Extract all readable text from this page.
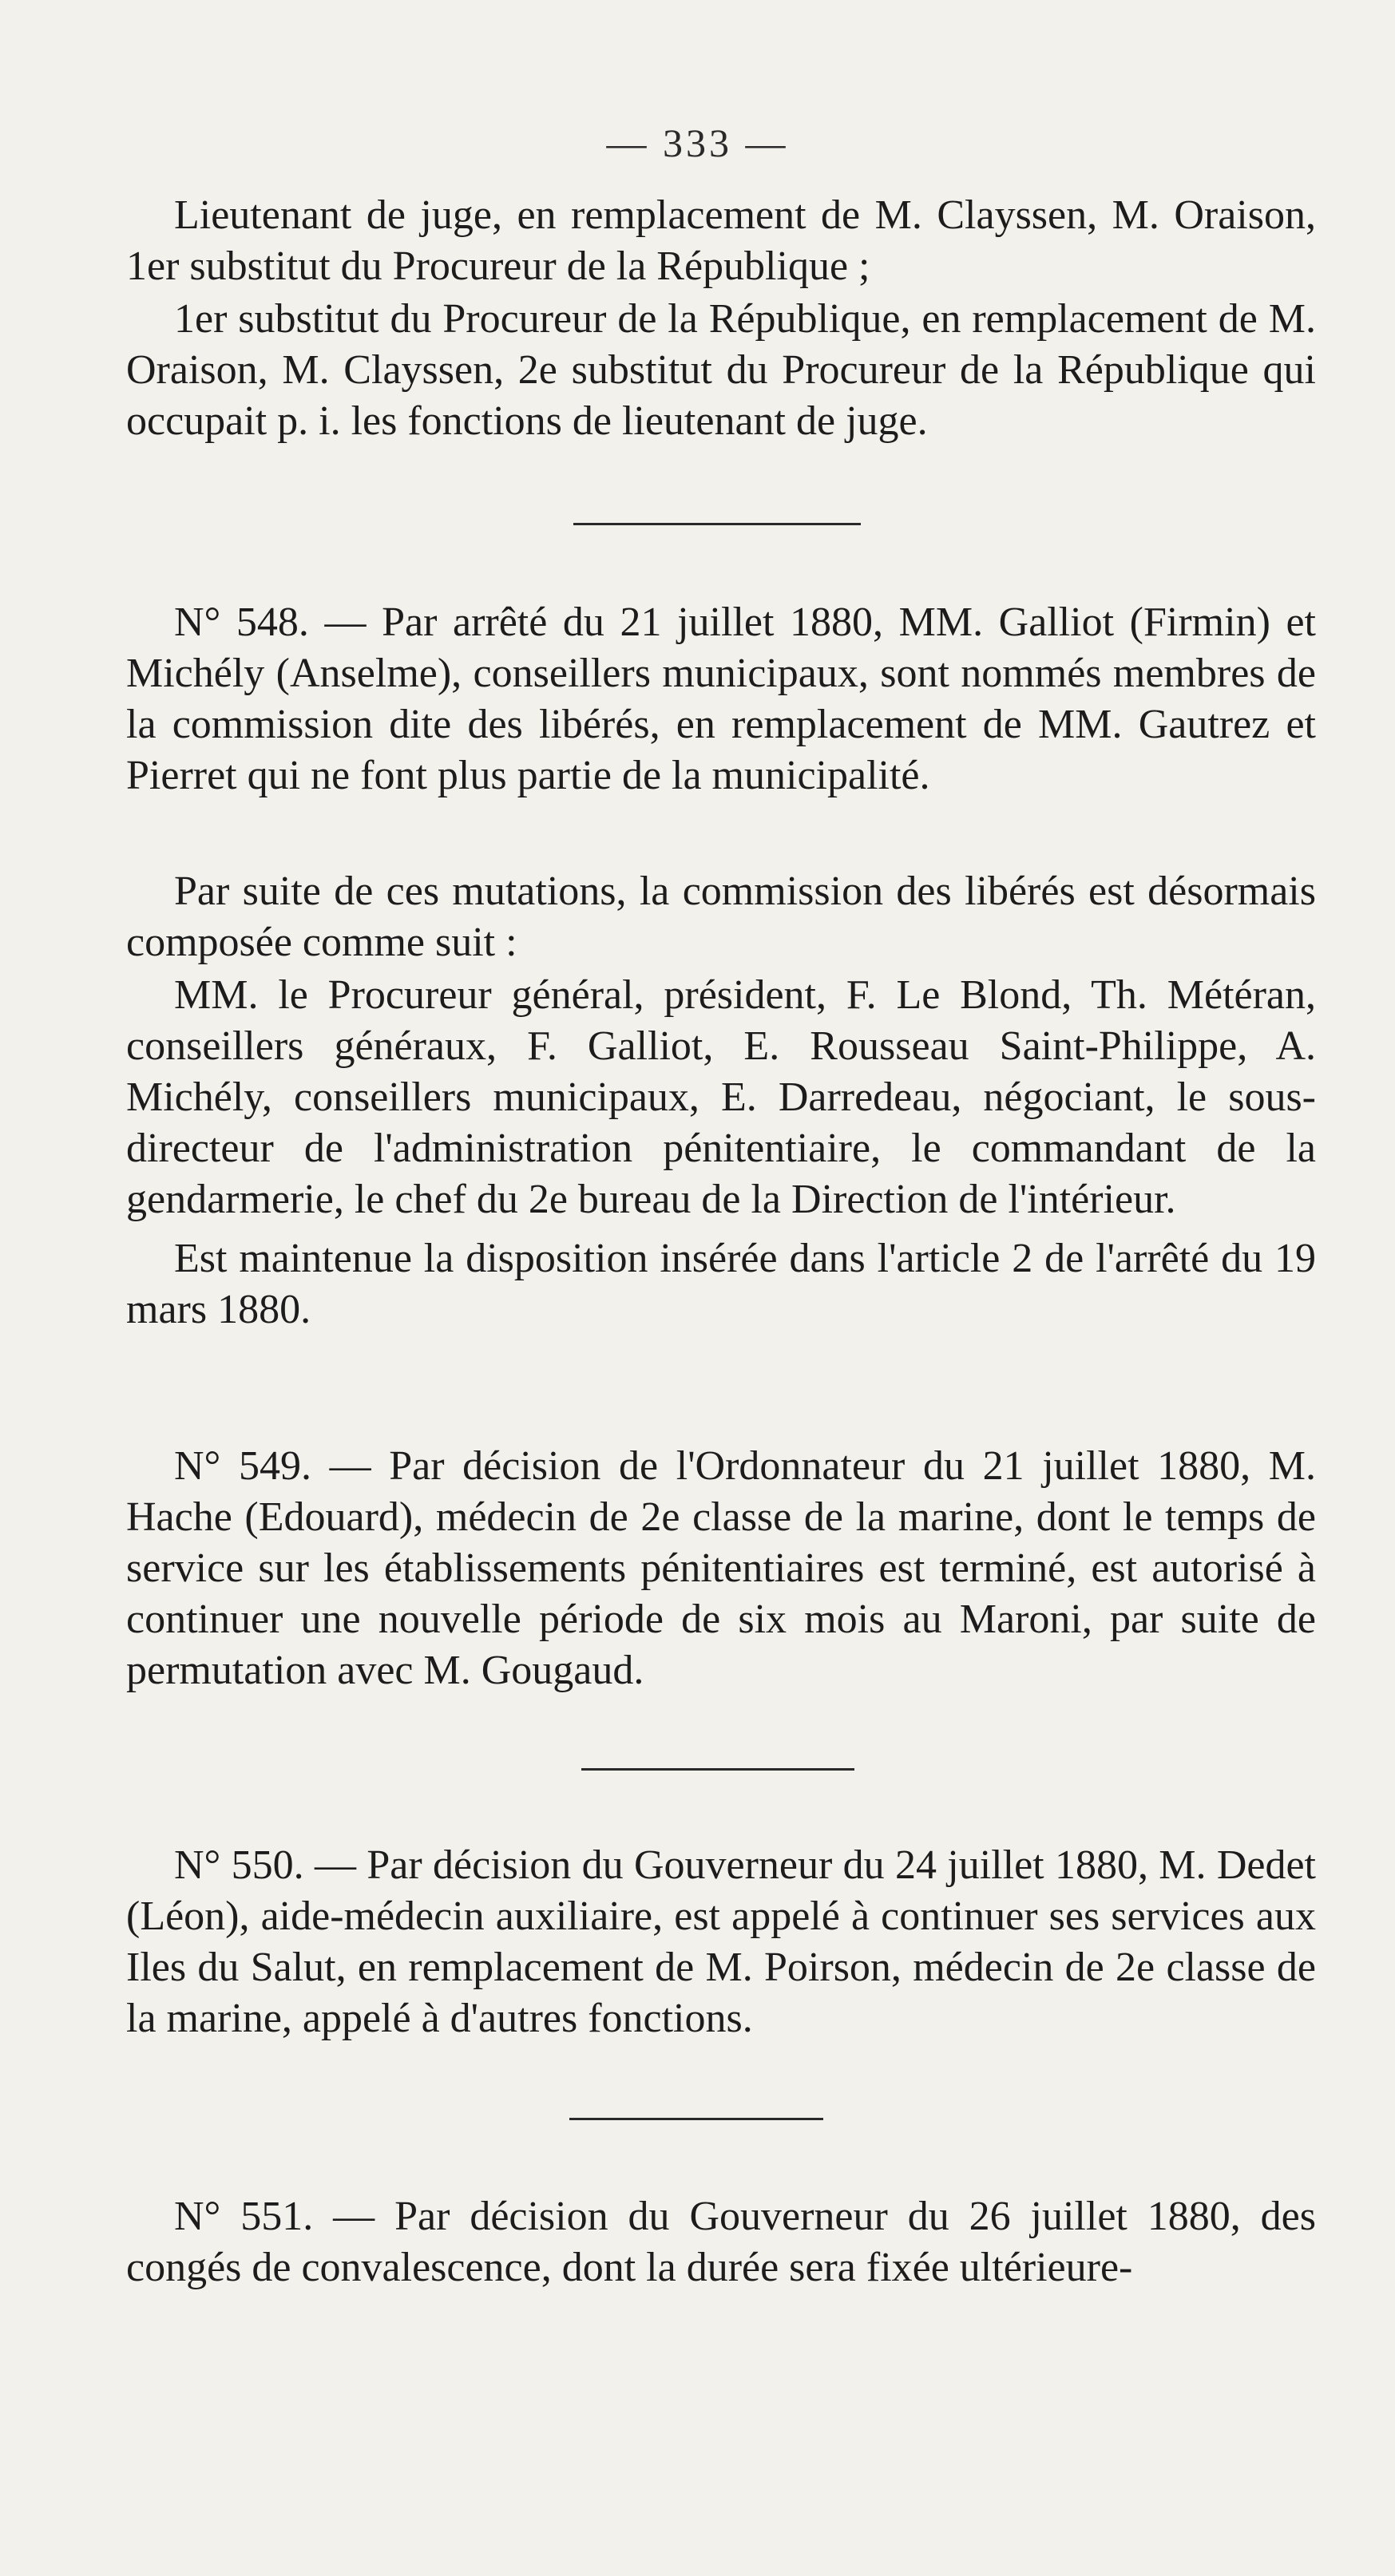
— 333 —
Lieutenant de juge, en remplacement de M. Clayssen, M. Oraison, 1er substitut du Procureur de la République ;
1er substitut du Procureur de la République, en remplacement de M. Oraison, M. Clayssen, 2e substitut du Procureur de la République qui occupait p. i. les fonctions de lieutenant de juge.
N° 548. — Par arrêté du 21 juillet 1880, MM. Galliot (Firmin) et Michély (Anselme), conseillers municipaux, sont nommés membres de la commission dite des libérés, en remplacement de MM. Gautrez et Pierret qui ne font plus partie de la municipalité.
Par suite de ces mutations, la commission des libérés est désormais composée comme suit :
MM. le Procureur général, président, F. Le Blond, Th. Météran, conseillers généraux, F. Galliot, E. Rousseau Saint-Philippe, A. Michély, conseillers municipaux, E. Darredeau, négociant, le sous-directeur de l'administration pénitentiaire, le commandant de la gendarmerie, le chef du 2e bureau de la Direction de l'intérieur.
Est maintenue la disposition insérée dans l'article 2 de l'arrêté du 19 mars 1880.
N° 549. — Par décision de l'Ordonnateur du 21 juillet 1880, M. Hache (Edouard), médecin de 2e classe de la marine, dont le temps de service sur les établissements pénitentiaires est terminé, est autorisé à continuer une nouvelle période de six mois au Maroni, par suite de permutation avec M. Gougaud.
N° 550. — Par décision du Gouverneur du 24 juillet 1880, M. Dedet (Léon), aide-médecin auxiliaire, est appelé à continuer ses services aux Iles du Salut, en remplacement de M. Poirson, médecin de 2e classe de la marine, appelé à d'autres fonctions.
N° 551. — Par décision du Gouverneur du 26 juillet 1880, des congés de convalescence, dont la durée sera fixée ultérieure-
